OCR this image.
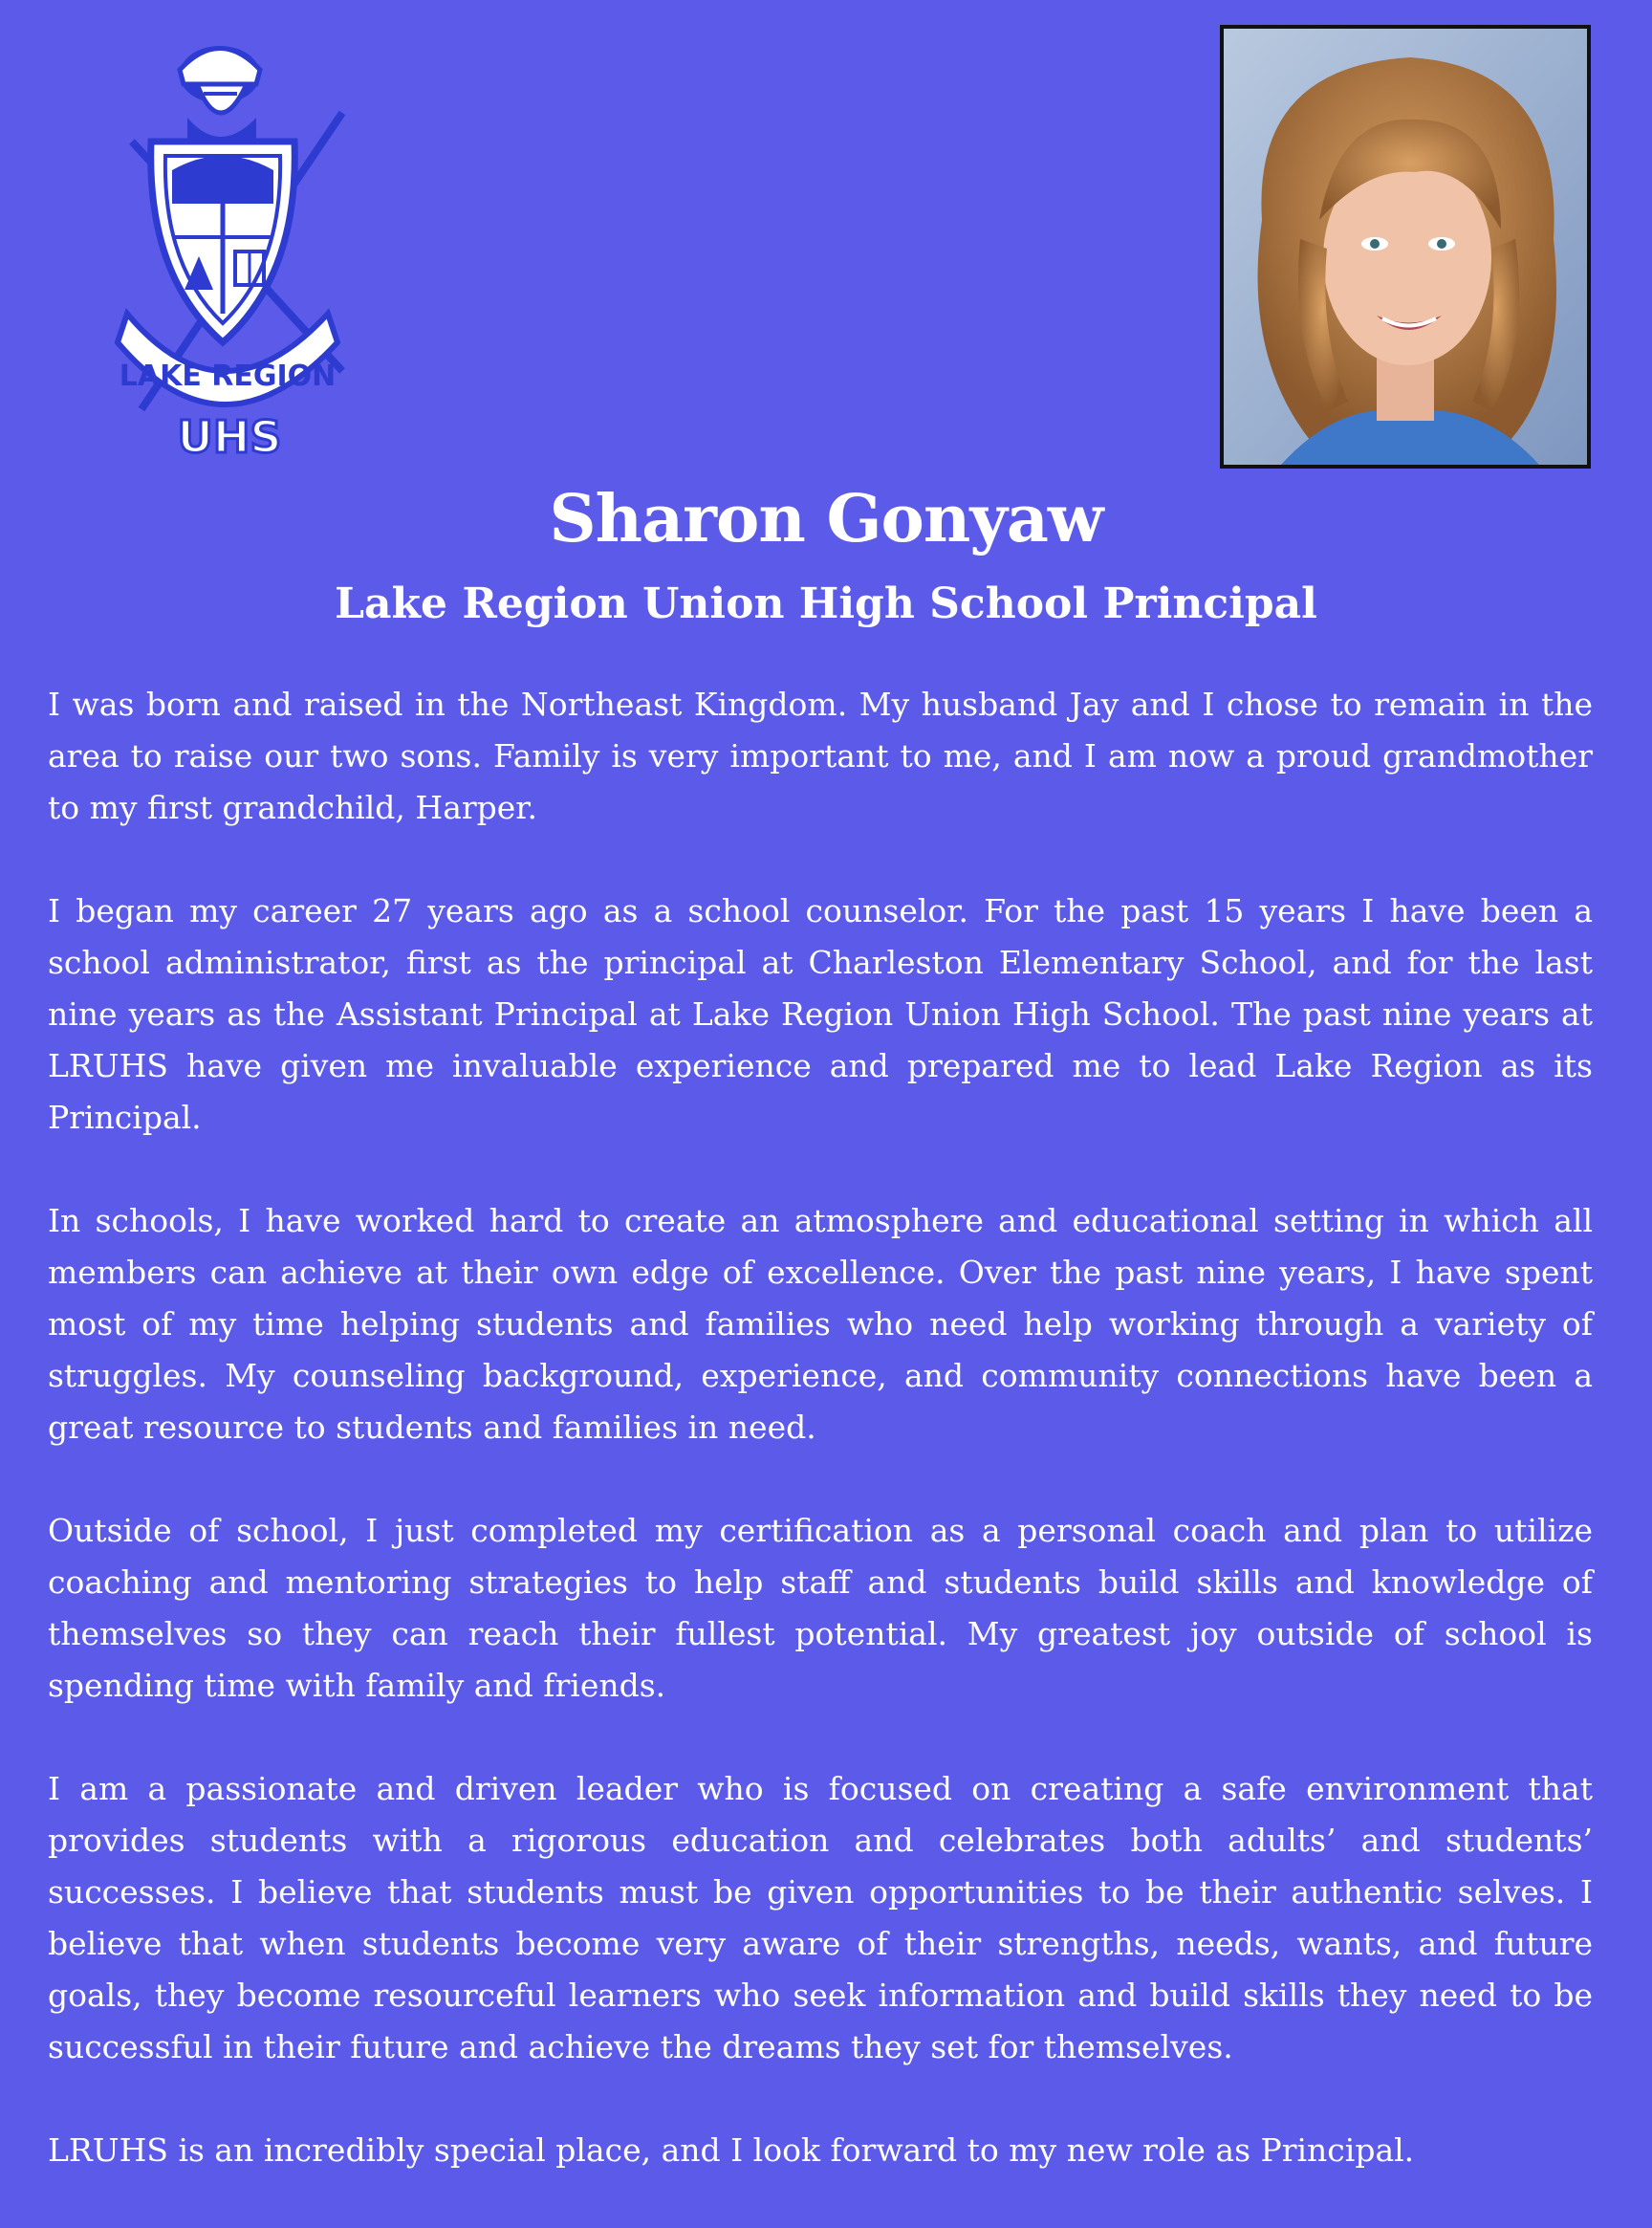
LAKE REGION
UHS
Sharon Gonyaw
Lake Region Union High School Principal

I was born and raised in the Northeast Kingdom. My husband Jay and I chose to remain in the area to raise our two sons. Family is very important to me, and I am now a proud grandmother to my first grandchild, Harper.

I began my career 27 years ago as a school counselor. For the past 15 years I have been a school administrator, first as the principal at Charleston Elementary School, and for the last nine years as the Assistant Principal at Lake Region Union High School. The past nine years at LRUHS have given me invaluable experience and prepared me to lead Lake Region as its Principal.

In schools, I have worked hard to create an atmosphere and educational setting in which all members can achieve at their own edge of excellence. Over the past nine years, I have spent most of my time helping students and families who need help working through a variety of struggles. My counseling background, experience, and community connections have been a great resource to students and families in need.

Outside of school, I just completed my certification as a personal coach and plan to utilize coaching and mentoring strategies to help staff and students build skills and knowledge of themselves so they can reach their fullest potential. My greatest joy outside of school is spending time with family and friends.

I am a passionate and driven leader who is focused on creating a safe environment that provides students with a rigorous education and celebrates both adults’ and students’ successes. I believe that students must be given opportunities to be their authentic selves. I believe that when students become very aware of their strengths, needs, wants, and future goals, they become resourceful learners who seek information and build skills they need to be successful in their future and achieve the dreams they set for themselves.

LRUHS is an incredibly special place, and I look forward to my new role as Principal.
